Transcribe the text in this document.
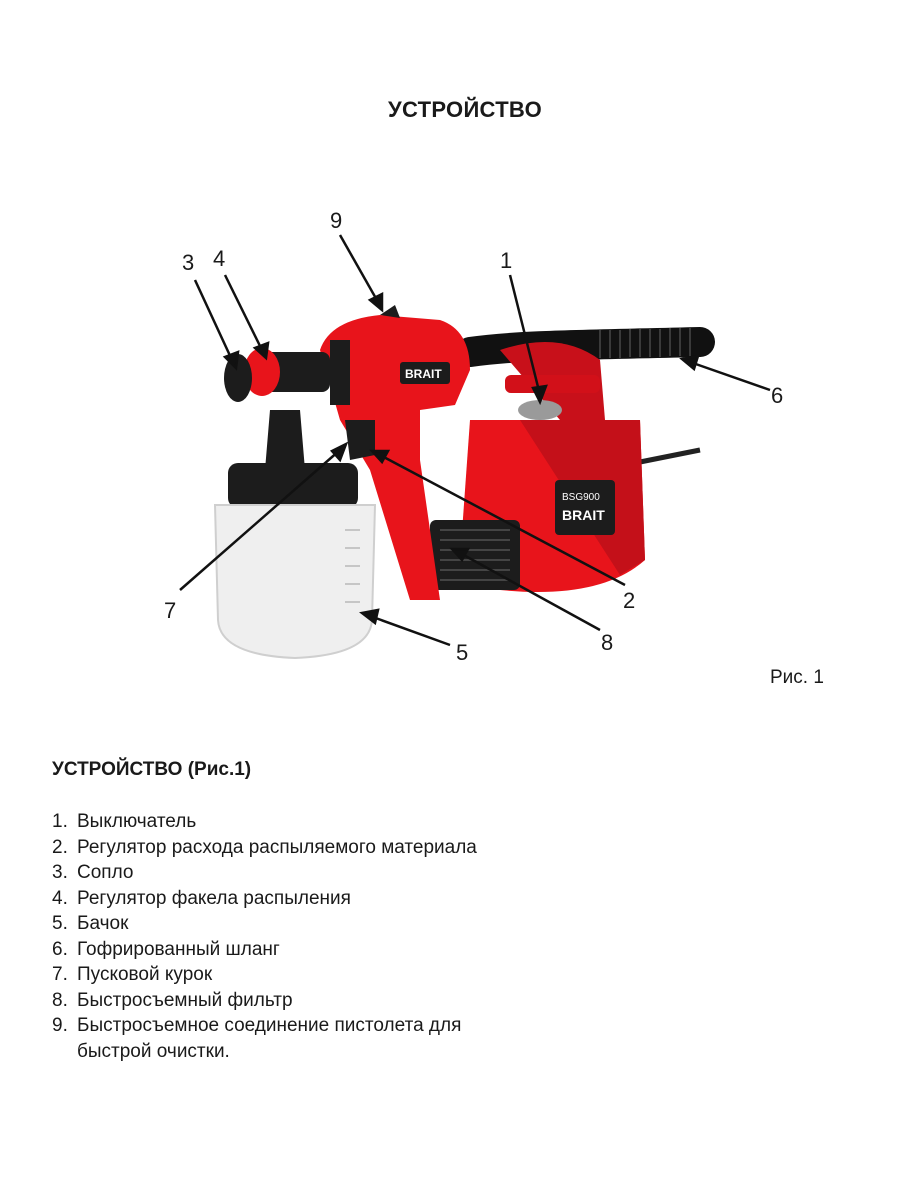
УСТРОЙСТВО
BSG900
BRAIT
BRAIT
1
2
3 4
5
6
7
8
9
Рис. 1
УСТРОЙСТВО (Рис.1)
1. Выключатель
2. Регулятор расхода распыляемого материала
3. Сопло
4. Регулятор факела распыления
5. Бачок
6. Гофрированный шланг
7. Пусковой курок
8. Быстросъемный фильтр
9. Быстросъемное соединение пистолета для быстрой очистки.
